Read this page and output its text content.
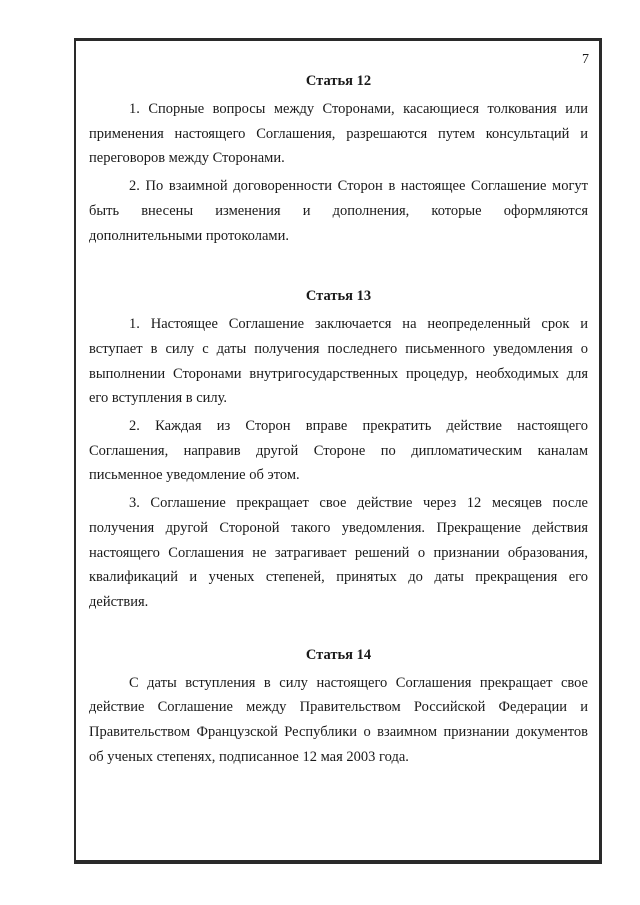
7
Статья 12

1. Спорные вопросы между Сторонами, касающиеся толкования или применения настоящего Соглашения, разрешаются путем консультаций и переговоров между Сторонами.

2. По взаимной договоренности Сторон в настоящее Соглашение могут быть внесены изменения и дополнения, которые оформляются дополнительными протоколами.

Статья 13

1. Настоящее Соглашение заключается на неопределенный срок и вступает в силу с даты получения последнего письменного уведомления о выполнении Сторонами внутригосударственных процедур, необходимых для его вступления в силу.

2. Каждая из Сторон вправе прекратить действие настоящего Соглашения, направив другой Стороне по дипломатическим каналам письменное уведомление об этом.

3. Соглашение прекращает свое действие через 12 месяцев после получения другой Стороной такого уведомления. Прекращение действия настоящего Соглашения не затрагивает решений о признании образования, квалификаций и ученых степеней, принятых до даты прекращения его действия.

Статья 14

С даты вступления в силу настоящего Соглашения прекращает свое действие Соглашение между Правительством Российской Федерации и Правительством Французской Республики о взаимном признании документов об ученых степенях, подписанное 12 мая 2003 года.
